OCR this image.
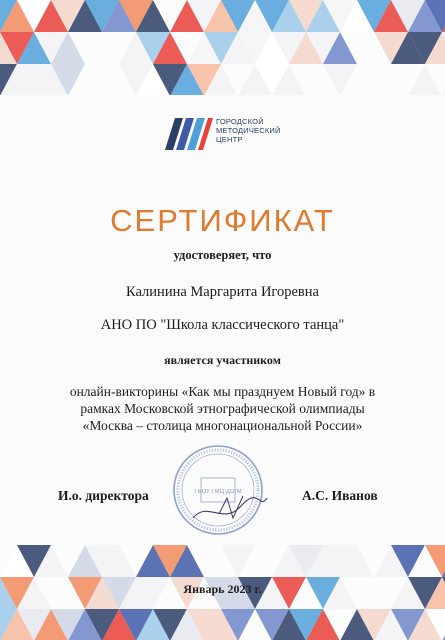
ГОРОДСКОЙ
МЕТОДИЧЕСКИЙ
ЦЕНТР
СЕРТИФИКАТ
удостоверяет, что
Калинина Маргарита Игоревна
АНО ПО "Школа классического танца"
является участником
онлайн-викторины «Как мы празднуем Новый год» в
рамках Московской этнографической олимпиады
«Москва – столица многонациональной России»
ГБОУ ГМЦ ДОгМ
И.о. директора	А.С. Иванов
Январь 2023 г.
